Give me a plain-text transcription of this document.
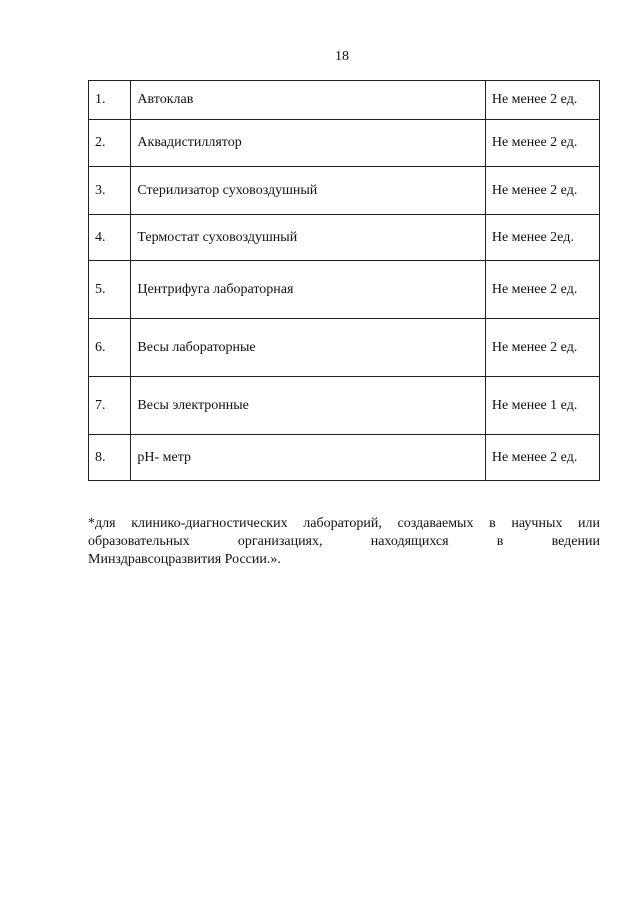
18
1.	Автоклав	Не менее 2 ед.
2.	Аквадистиллятор	Не менее 2 ед.
3.	Стерилизатор суховоздушный	Не менее 2 ед.
4.	Термостат суховоздушный	Не менее 2ед.
5.	Центрифуга лабораторная	Не менее 2 ед.
6.	Весы лабораторные	Не менее 2 ед.
7.	Весы электронные	Не менее 1 ед.
8.	pH- метр	Не менее 2 ед.
*для клинико-диагностических лабораторий, создаваемых в научных или
образовательных организациях, находящихся в ведении
Минздравсоцразвития России.».
